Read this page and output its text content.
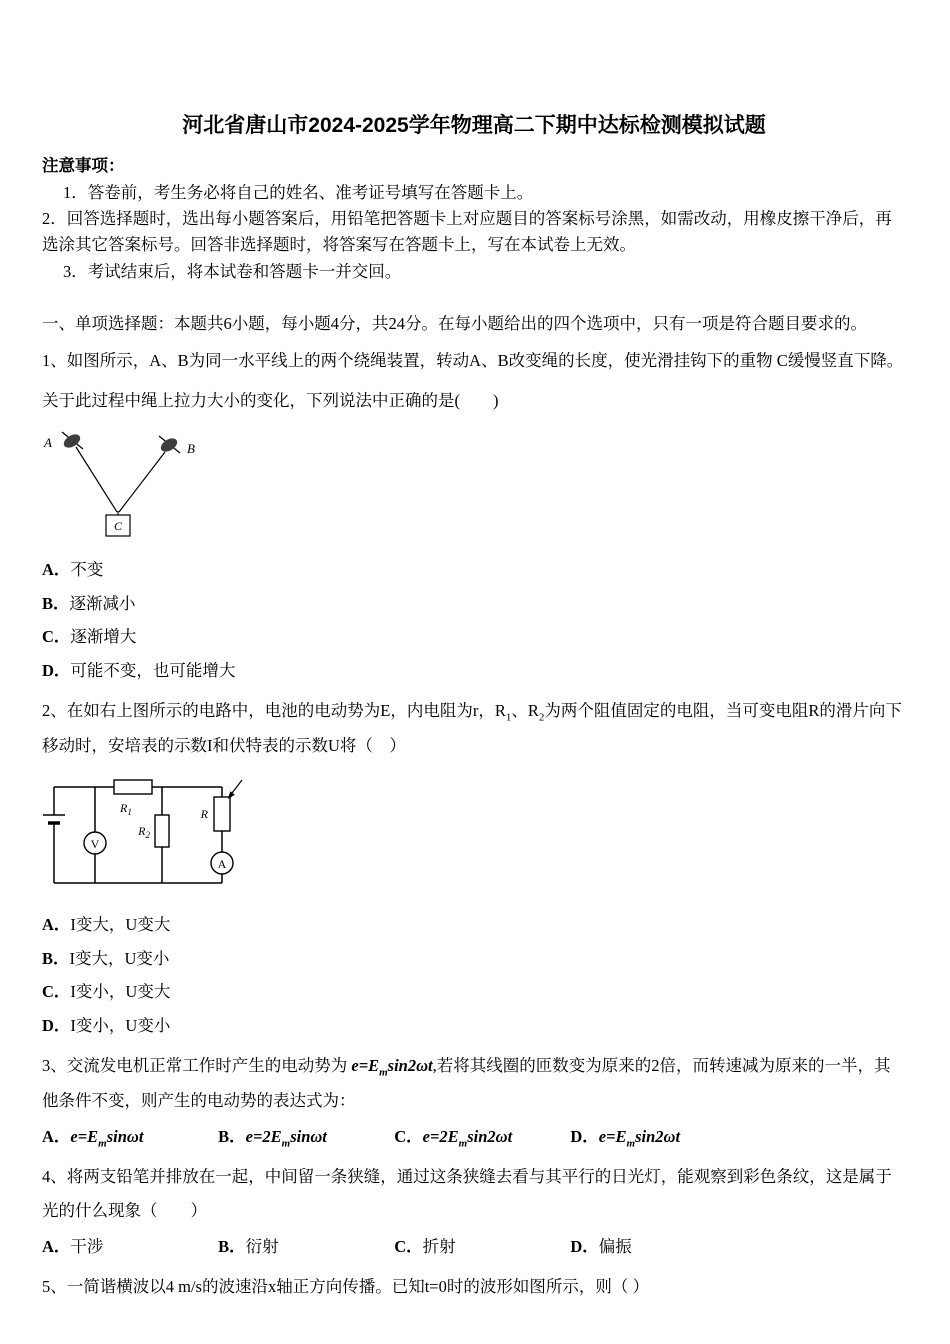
河北省唐山市2024-2025学年物理高二下期中达标检测模拟试题
注意事项：
1．答卷前，考生务必将自己的姓名、准考证号填写在答题卡上。
2．回答选择题时，选出每小题答案后，用铅笔把答题卡上对应题目的答案标号涂黑，如需改动，用橡皮擦干净后，再选涂其它答案标号。回答非选择题时，将答案写在答题卡上，写在本试卷上无效。
3．考试结束后，将本试卷和答题卡一并交回。
一、单项选择题：本题共6小题，每小题4分，共24分。在每小题给出的四个选项中，只有一项是符合题目要求的。

1、如图所示，A、B为同一水平线上的两个绕绳装置，转动A、B改变绳的长度，使光滑挂钩下的重物 C缓慢竖直下降。

关于此过程中绳上拉力大小的变化，下列说法中正确的是(　　)

A	B
C
A．不变
B．逐渐减小
C．逐渐增大
D．可能不变，也可能增大

2、在如右上图所示的电路中，电池的电动势为E，内电阻为r，$R_1$、$R_2$为两个阻值固定的电阻，当可变电阻R的滑片向下移动时，安培表的示数I和伏特表的示数U将（　）

V
$R_1$
$R_2$
R
A
A．I变大，U变大
B．I变大，U变小
C．I变小，U变大
D．I变小，U变小

3、交流发电机正常工作时产生的电动势为 $e=E_m\sin 2\omega t$,若将其线圈的匝数变为原来的2倍，而转速减为原来的一半，其他条件不变，则产生的电动势的表达式为：

A．$e=E_m\sin\omega t$	B．$e=2E_m\sin\omega t$	C．$e=2E_m\sin 2\omega t$	D．$e=E_m\sin 2\omega t$

4、将两支铅笔并排放在一起，中间留一条狭缝，通过这条狭缝去看与其平行的日光灯，能观察到彩色条纹，这是属于光的什么现象（　　）

A．干涉	B．衍射	C．折射	D．偏振

5、一简谐横波以4 m/s的波速沿x轴正方向传播。已知t=0时的波形如图所示，则（ ）
